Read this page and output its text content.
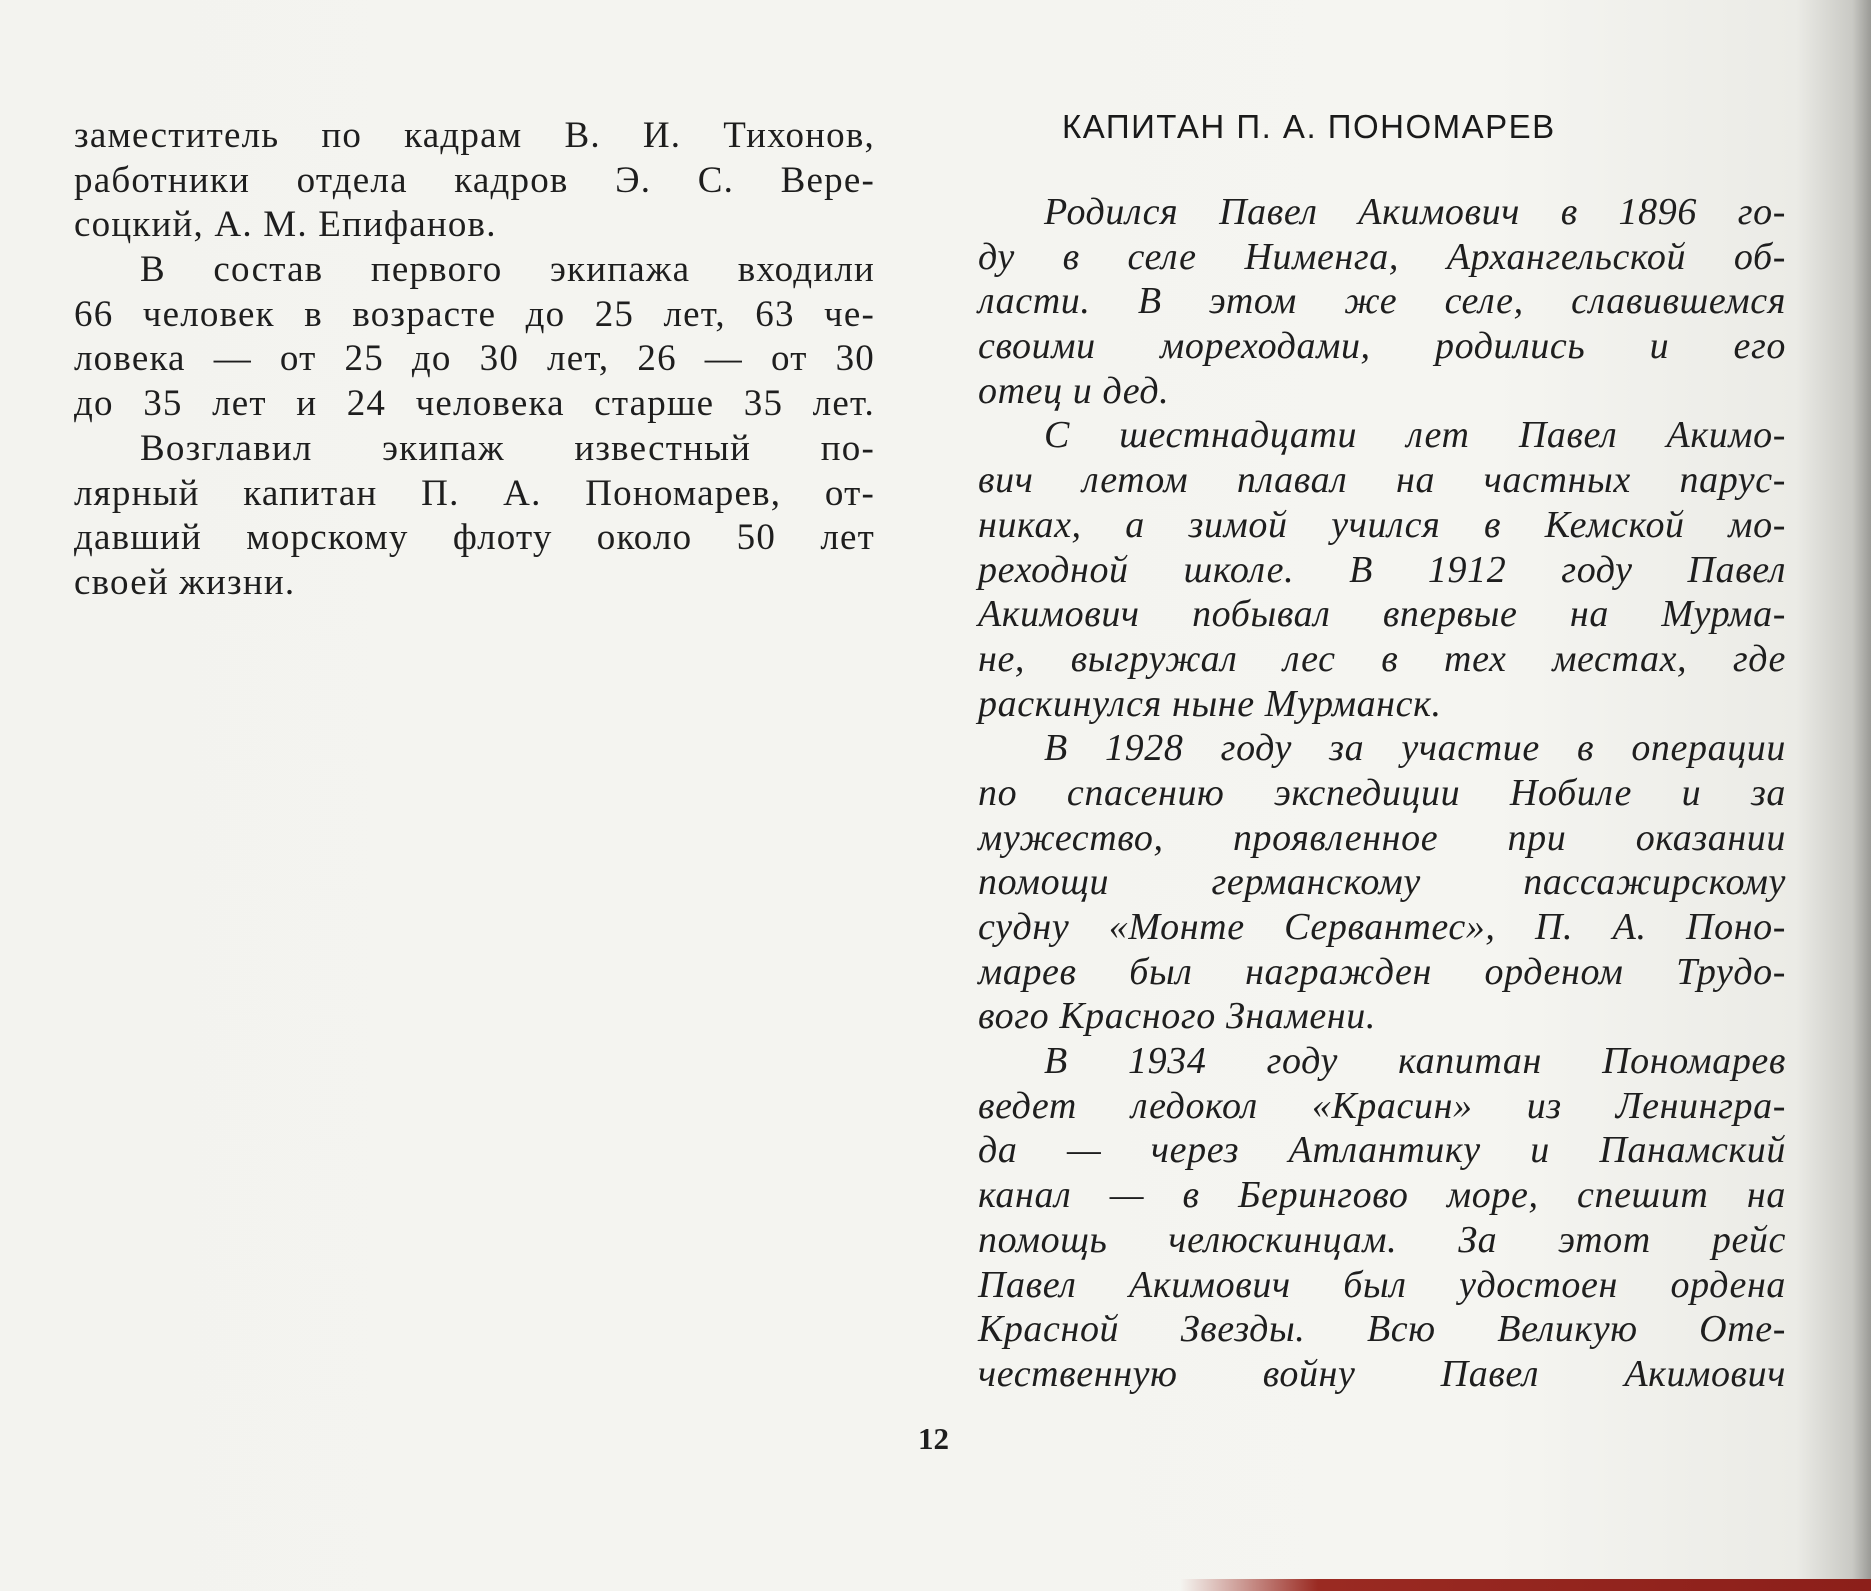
заместитель по кадрам В. И. Тихонов,
работники отдела кадров Э. С. Вере-
соцкий, А. М. Епифанов.
В состав первого экипажа входили
66 человек в возрасте до 25 лет, 63 че-
ловека — от 25 до 30 лет, 26 — от 30
до 35 лет и 24 человека старше 35 лет.
Возглавил экипаж известный по-
лярный капитан П. А. Пономарев, от-
давший морскому флоту около 50 лет
своей жизни.
КАПИТАН П. А. ПОНОМАРЕВ
Родился Павел Акимович в 1896 го-
ду в селе Нименга, Архангельской об-
ласти. В этом же селе, славившемся
своими мореходами, родились и его
отец и дед.
С шестнадцати лет Павел Акимо-
вич летом плавал на частных парус-
никах, а зимой учился в Кемской мо-
реходной школе. В 1912 году Павел
Акимович побывал впервые на Мурма-
не, выгружал лес в тех местах, где
раскинулся ныне Мурманск.
В 1928 году за участие в операции
по спасению экспедиции Нобиле и за
мужество, проявленное при оказании
помощи германскому пассажирскому
судну «Монте Сервантес», П. А. Поно-
марев был награжден орденом Трудо-
вого Красного Знамени.
В 1934 году капитан Пономарев
ведет ледокол «Красин» из Ленингра-
да — через Атлантику и Панамский
канал — в Берингово море, спешит на
помощь челюскинцам. За этот рейс
Павел Акимович был удостоен ордена
Красной Звезды. Всю Великую Оте-
чественную войну Павел Акимович
12
